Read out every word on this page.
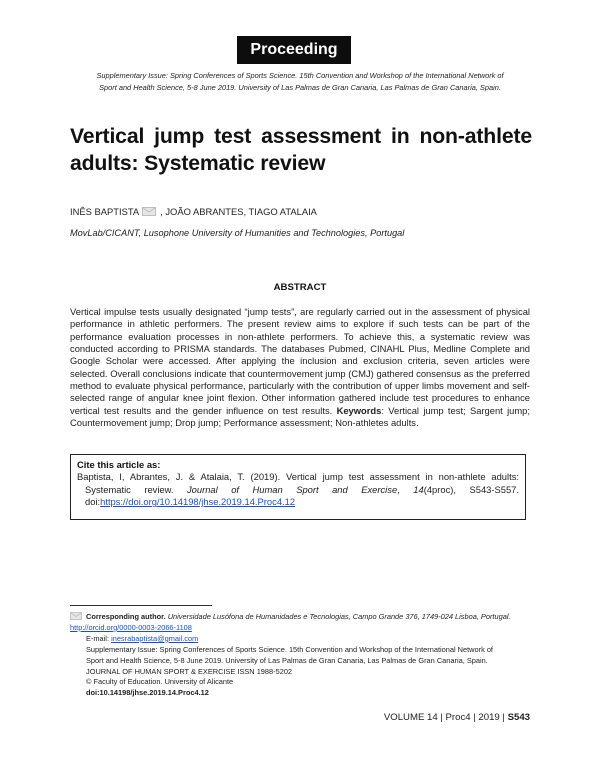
Proceeding
Supplementary Issue: Spring Conferences of Sports Science. 15th Convention and Workshop of the International Network of
Sport and Health Science, 5-8 June 2019. University of Las Palmas de Gran Canaria, Las Palmas de Gran Canaria, Spain.
Vertical jump test assessment in non-athlete adults: Systematic review
INÊS BAPTISTA , JOÃO ABRANTES, TIAGO ATALAIA
MovLab/CICANT, Lusophone University of Humanities and Technologies, Portugal
ABSTRACT
Vertical impulse tests usually designated “jump tests”, are regularly carried out in the assessment of physical performance in athletic performers. The present review aims to explore if such tests can be part of the performance evaluation processes in non-athlete performers. To achieve this, a systematic review was conducted according to PRISMA standards. The databases Pubmed, CINAHL Plus, Medline Complete and Google Scholar were accessed. After applying the inclusion and exclusion criteria, seven articles were selected. Overall conclusions indicate that countermovement jump (CMJ) gathered consensus as the preferred method to evaluate physical performance, particularly with the contribution of upper limbs movement and self-selected range of angular knee joint flexion. Other information gathered include test procedures to enhance vertical test results and the gender influence on test results. Keywords: Vertical jump test; Sargent jump; Countermovement jump; Drop jump; Performance assessment; Non-athletes adults.
Cite this article as:
Baptista, I, Abrantes, J. & Atalaia, T. (2019). Vertical jump test assessment in non-athlete adults: Systematic review. Journal of Human Sport and Exercise, 14(4proc), S543-S557. doi:https://doi.org/10.14198/jhse.2019.14.Proc4.12
Corresponding author. Universidade Lusófona de Humanidades e Tecnologias, Campo Grande 376, 1749-024 Lisboa, Portugal. http://orcid.org/0000-0003-2066-1108
E-mail: inesrabaptista@gmail.com
Supplementary Issue: Spring Conferences of Sports Science. 15th Convention and Workshop of the International Network of
Sport and Health Science, 5-8 June 2019. University of Las Palmas de Gran Canaria, Las Palmas de Gran Canaria, Spain.
JOURNAL OF HUMAN SPORT & EXERCISE ISSN 1988-5202
© Faculty of Education. University of Alicante
doi:10.14198/jhse.2019.14.Proc4.12
VOLUME 14 | Proc4 | 2019 | S543
